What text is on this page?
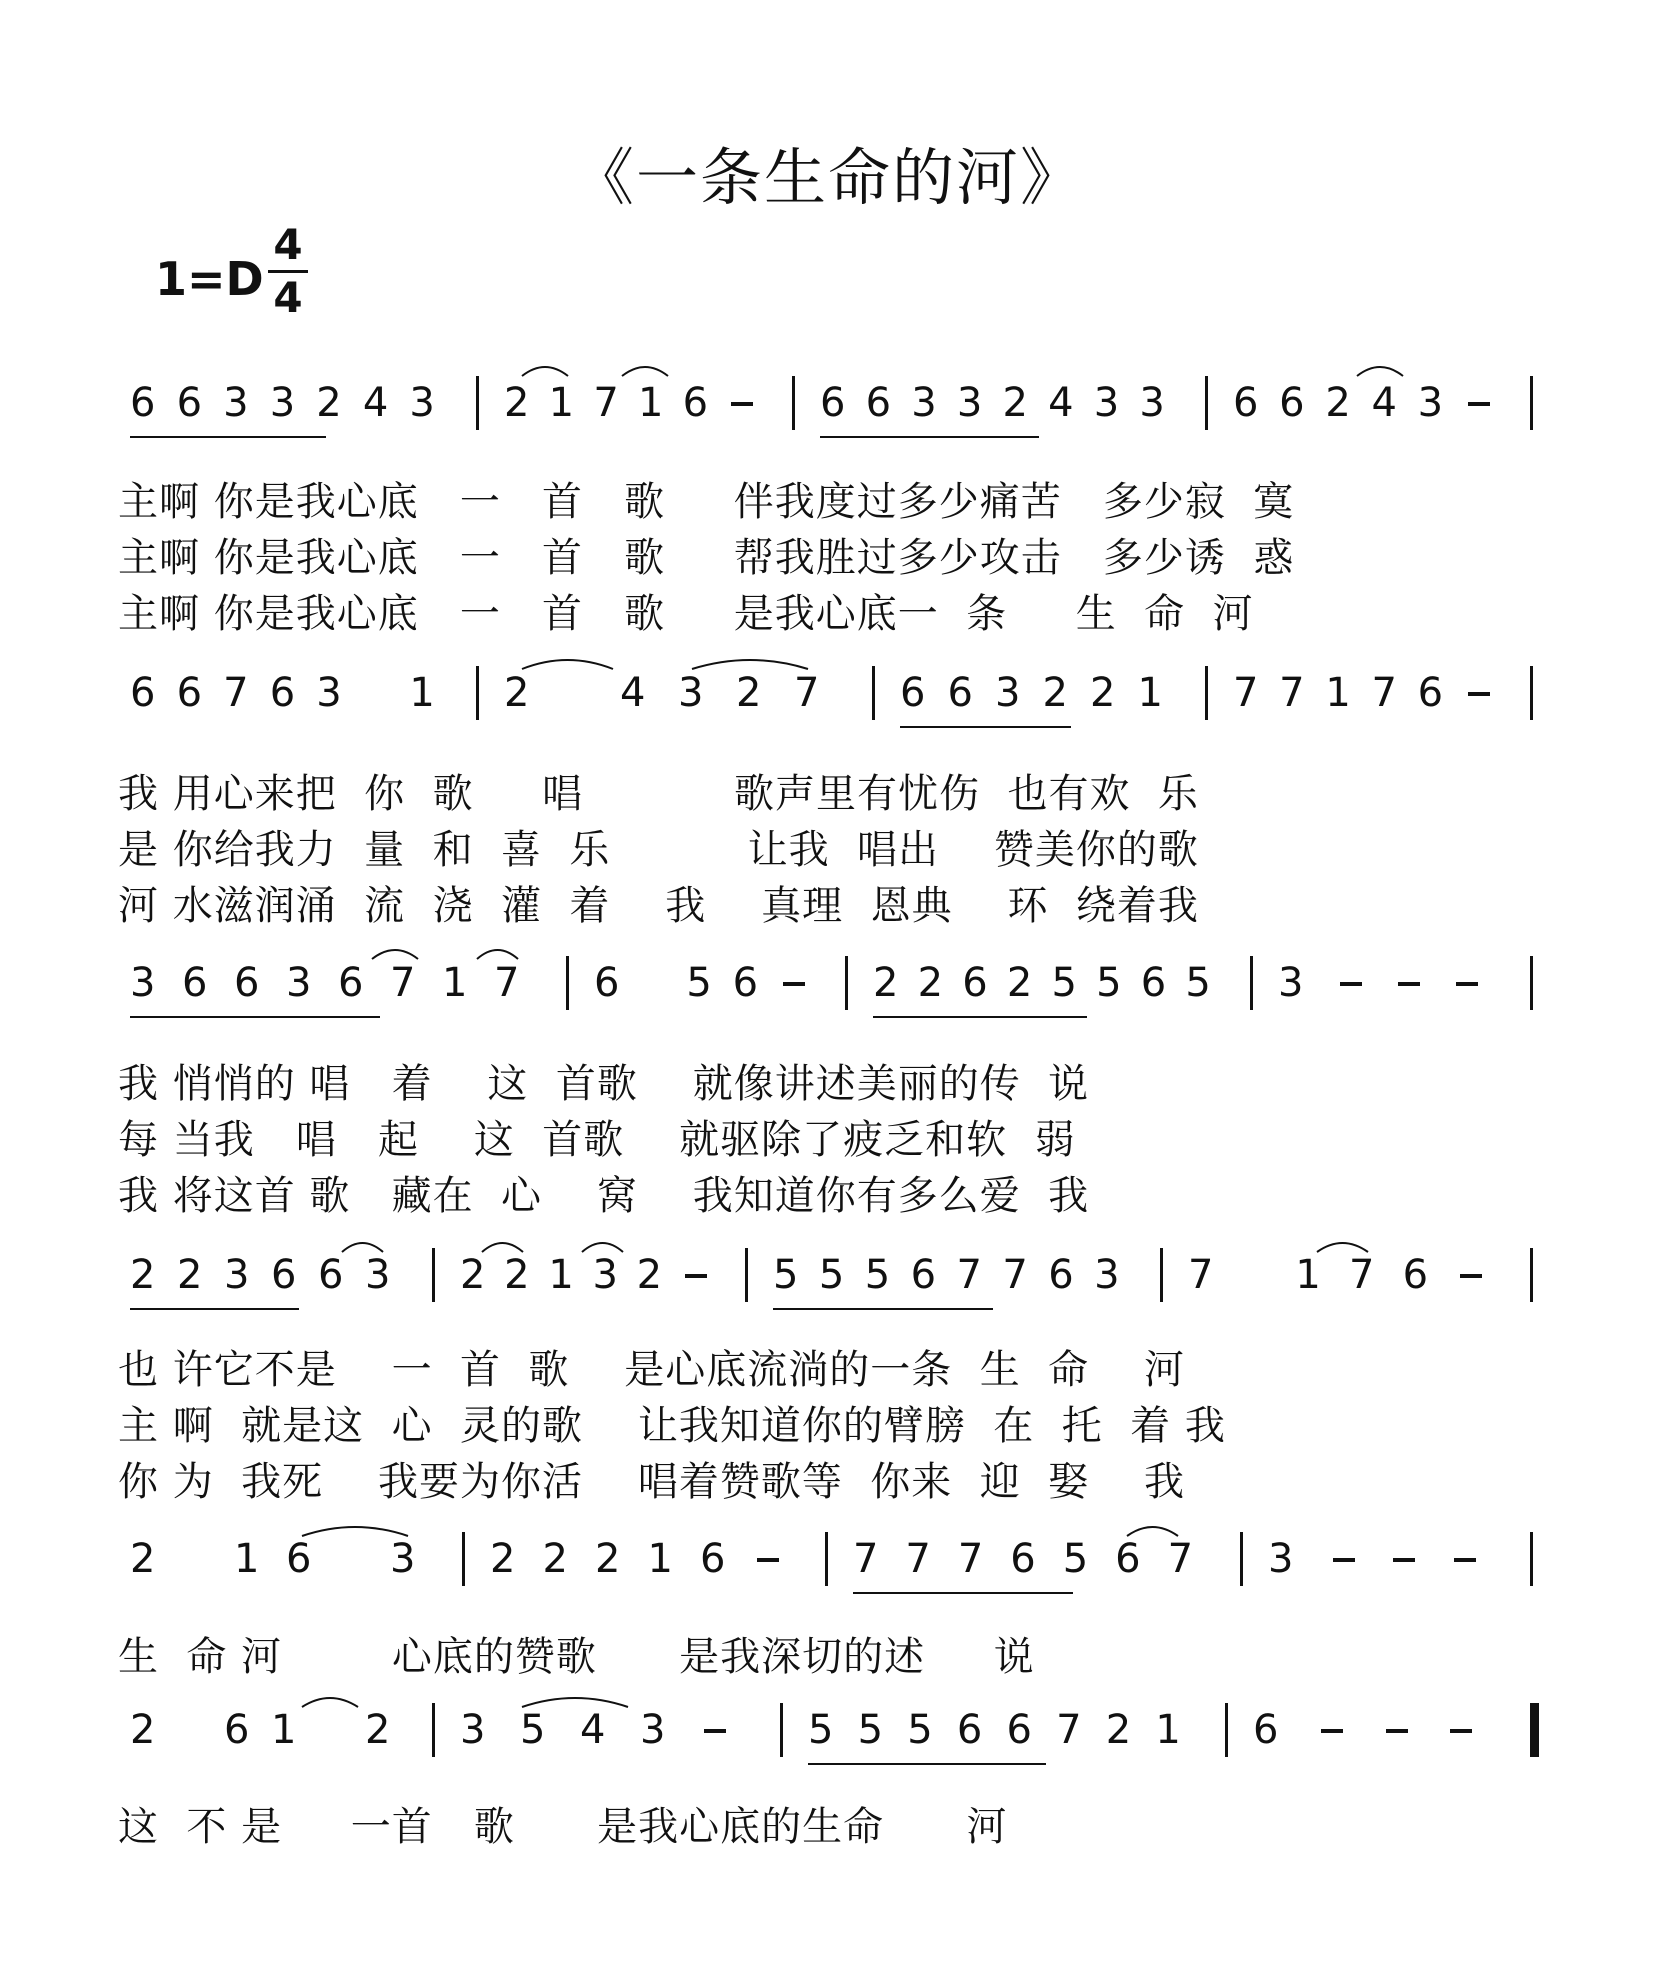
《一条生命的河》
1=D
4
4
6 6 3 3 2 4 3 2 1 7 1 6	6 6 3 3 2 4 3 3 6 6 2 4 3
主啊 你是我心底   一   首   歌     伴我度过多少痛苦   多少寂  寞
主啊 你是我心底   一   首   歌     帮我胜过多少攻击   多少诱  惑
主啊 你是我心底   一   首   歌     是我心底一  条     生  命  河
6 6 7 6 3 1 2 4 3 2 7 6 6 3 2 2 1 7 7 1 7 6
我 用心来把  你  歌     唱           歌声里有忧伤  也有欢  乐
是 你给我力  量  和  喜  乐          让我  唱出    赞美你的歌
河 水滋润涌  流  浇  灌  着    我    真理  恩典    环  绕着我
3 6 6 3 6 7 1 7 6 5 6	2 2 6 2 5 5 6 5 3
我 悄悄的 唱   着    这  首歌    就像讲述美丽的传  说
每 当我   唱   起    这  首歌    就驱除了疲乏和软  弱
我 将这首 歌   藏在  心    窝    我知道你有多么爱  我
2 2 3 6 6 3 2 2 1 3 2	5 5 5 6 7 7 6 3 7 1 7 6
也 许它不是    一  首  歌    是心底流淌的一条  生  命    河
主 啊  就是这  心  灵的歌    让我知道你的臂膀  在  托  着 我
你 为  我死    我要为你活    唱着赞歌等  你来  迎  娶    我
2 1 6 3 2 2 2 1 6	7 7 7 6 5 6 7 3
生  命 河        心底的赞歌      是我深切的述     说
2 6 1 2 3 5 4 3	5 5 5 6 6 7 2 1 6
这  不 是     一首   歌      是我心底的生命      河
